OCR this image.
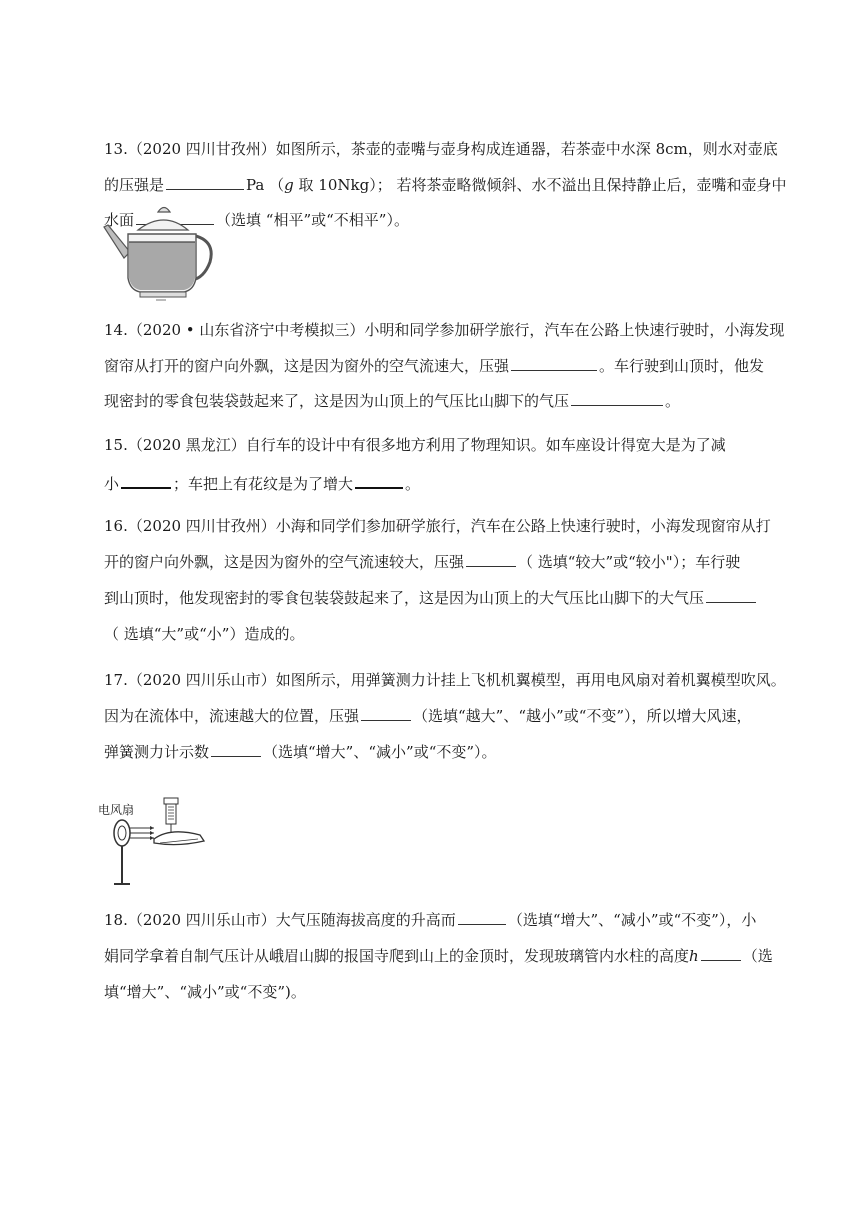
13.（2020 四川甘孜州）如图所示，茶壶的壶嘴与壶身构成连通器，若茶壶中水深 8cm，则水对壶底
的压强是	Pa （g 取 10Nkg）； 若将茶壶略微倾斜、水不溢出且保持静止后，壶嘴和壶身中
水面	（选填 “相平”或“不相平”）。
14.（2020 • 山东省济宁中考模拟三）小明和同学参加研学旅行，汽车在公路上快速行驶时，小海发现
窗帘从打开的窗户向外飘，这是因为窗外的空气流速大，压强	。车行驶到山顶时，他发
现密封的零食包装袋鼓起来了，这是因为山顶上的气压比山脚下的气压	。
15.（2020 黑龙江）自行车的设计中有很多地方利用了物理知识。如车座设计得宽大是为了减
小	；车把上有花纹是为了增大	。
16.（2020 四川甘孜州）小海和同学们参加研学旅行，汽车在公路上快速行驶时，小海发现窗帘从打
开的窗户向外飘，这是因为窗外的空气流速较大，压强	（ 选填“较大”或“较小"）；车行驶
到山顶时，他发现密封的零食包装袋鼓起来了，这是因为山顶上的大气压比山脚下的大气压
（ 选填“大”或“小”）造成的。
17.（2020 四川乐山市）如图所示，用弹簧测力计挂上飞机机翼模型，再用电风扇对着机翼模型吹风。
因为在流体中，流速越大的位置，压强	（选填“越大”、“越小”或“不变”），所以增大风速，
弹簧测力计示数	（选填“增大”、“减小”或“不变”）。
电风扇
18.（2020 四川乐山市）大气压随海拔高度的升高而	（选填“增大”、“减小”或“不变”），小
娟同学拿着自制气压计从峨眉山脚的报国寺爬到山上的金顶时，发现玻璃管内水柱的高度h	（选
填“增大”、“减小”或“不变”)。
